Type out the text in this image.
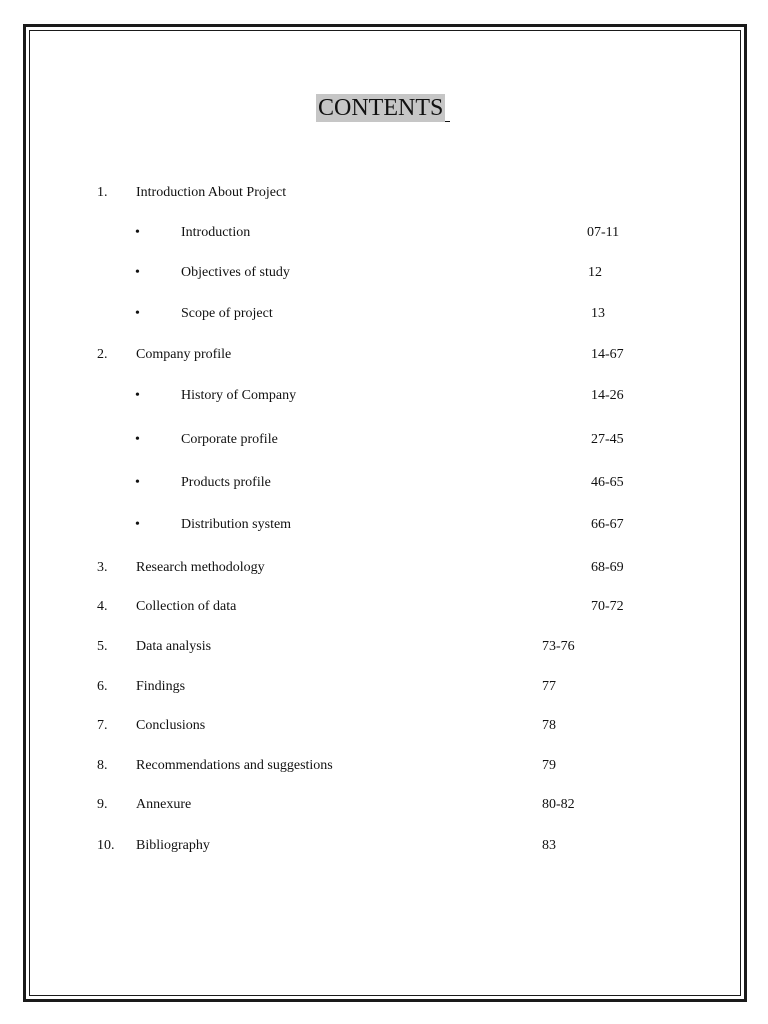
CONTENTS
1. Introduction About Project
•	Introduction	07-11
•	Objectives of study	12
•	Scope of project	13
2. Company profile	14-67
•	History of Company	14-26
•	Corporate profile	27-45
•	Products profile	46-65
•	Distribution system	66-67
3. Research methodology	68-69
4. Collection of data	70-72
5. Data analysis	73-76
6. Findings	77
7. Conclusions	78
8. Recommendations and suggestions	79
9. Annexure	80-82
10. Bibliography	83
